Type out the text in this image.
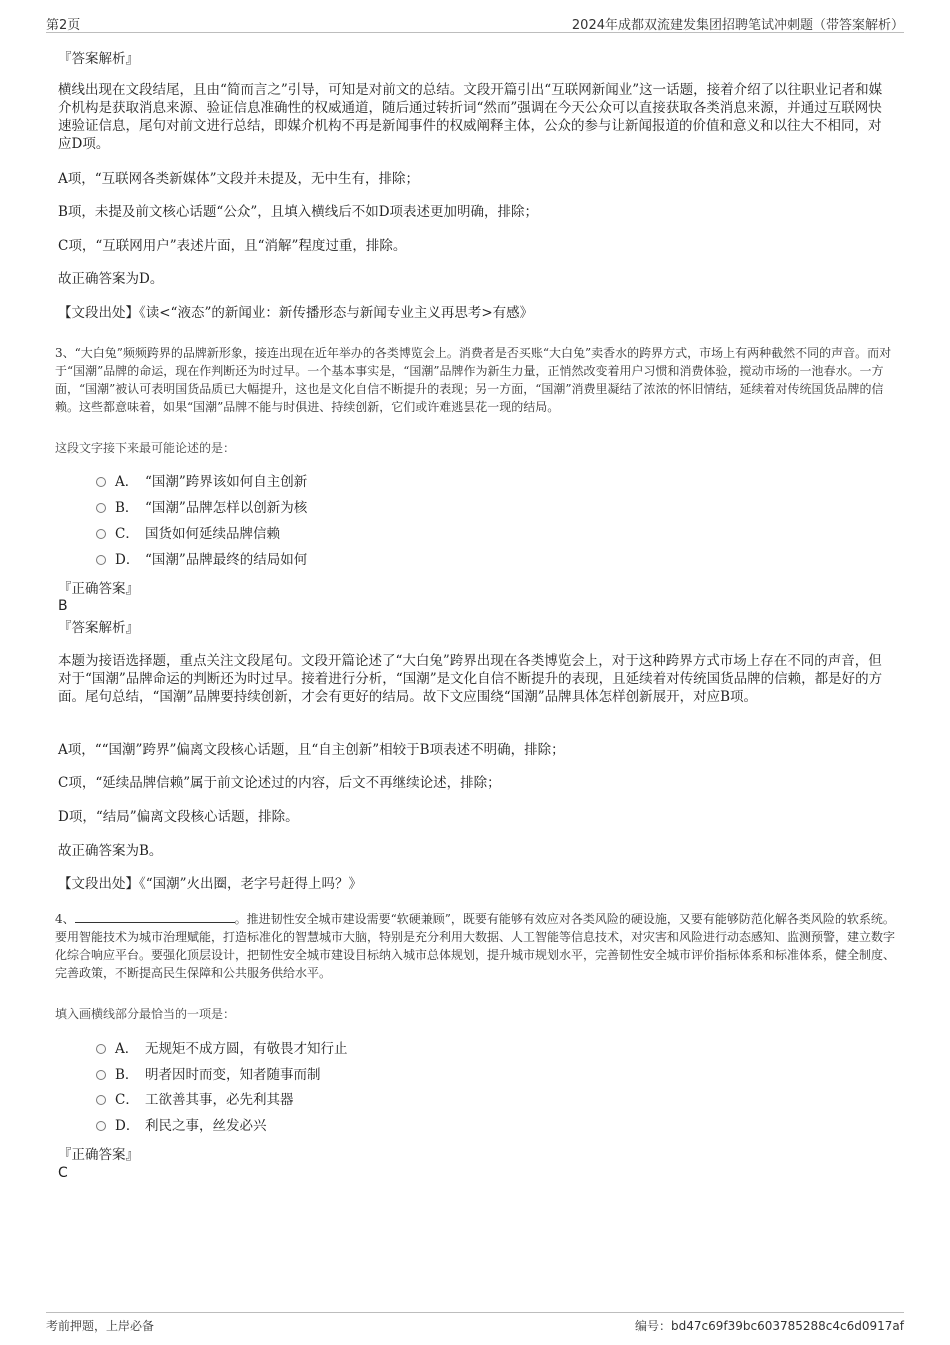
第2页	2024年成都双流建发集团招聘笔试冲刺题（带答案解析）
『答案解析』
横线出现在文段结尾，且由“简而言之”引导，可知是对前文的总结。文段开篇引出“互联网新闻业”这一话题，接着介绍了以往职业记者和媒介机构是获取消息来源、验证信息准确性的权威通道，随后通过转折词“然而”强调在今天公众可以直接获取各类消息来源，并通过互联网快速验证信息，尾句对前文进行总结，即媒介机构不再是新闻事件的权威阐释主体，公众的参与让新闻报道的价值和意义和以往大不相同，对应D项。
A项，“互联网各类新媒体”文段并未提及，无中生有，排除；
B项，未提及前文核心话题“公众”，且填入横线后不如D项表述更加明确，排除；
C项，“互联网用户”表述片面，且“消解”程度过重，排除。
故正确答案为D。
【文段出处】《读<“液态”的新闻业：新传播形态与新闻专业主义再思考>有感》
3、“大白兔”频频跨界的品牌新形象，接连出现在近年举办的各类博览会上。消费者是否买账“大白兔”卖香水的跨界方式，市场上有两种截然不同的声音。而对于“国潮”品牌的命运，现在作判断还为时过早。一个基本事实是，“国潮”品牌作为新生力量，正悄然改变着用户习惯和消费体验，搅动市场的一池春水。一方面，“国潮”被认可表明国货品质已大幅提升，这也是文化自信不断提升的表现；另一方面，“国潮”消费里凝结了浓浓的怀旧情结，延续着对传统国货品牌的信赖。这些都意味着，如果“国潮”品牌不能与时俱进、持续创新，它们或许难逃昙花一现的结局。
这段文字接下来最可能论述的是：
A． “国潮”跨界该如何自主创新
B． “国潮”品牌怎样以创新为核
C． 国货如何延续品牌信赖
D． “国潮”品牌最终的结局如何
『正确答案』
B
『答案解析』
本题为接语选择题，重点关注文段尾句。文段开篇论述了“大白兔”跨界出现在各类博览会上，对于这种跨界方式市场上存在不同的声音，但对于“国潮”品牌命运的判断还为时过早。接着进行分析，“国潮”是文化自信不断提升的表现，且延续着对传统国货品牌的信赖，都是好的方面。尾句总结，“国潮”品牌要持续创新，才会有更好的结局。故下文应围绕“国潮”品牌具体怎样创新展开，对应B项。
A项，““国潮”跨界”偏离文段核心话题，且“自主创新”相较于B项表述不明确，排除；
C项，“延续品牌信赖”属于前文论述过的内容，后文不再继续论述，排除；
D项，“结局”偏离文段核心话题，排除。
故正确答案为B。
【文段出处】《“国潮”火出圈，老字号赶得上吗？》
4、	。推进韧性安全城市建设需要“软硬兼顾”，既要有能够有效应对各类风险的硬设施，又要有能够防范化解各类风险的软系统。要用智能技术为城市治理赋能，打造标准化的智慧城市大脑，特别是充分利用大数据、人工智能等信息技术，对灾害和风险进行动态感知、监测预警，建立数字化综合响应平台。要强化顶层设计，把韧性安全城市建设目标纳入城市总体规划，提升城市规划水平，完善韧性安全城市评价指标体系和标准体系，健全制度、完善政策，不断提高民生保障和公共服务供给水平。
填入画横线部分最恰当的一项是：
A． 无规矩不成方圆，有敬畏才知行止
B． 明者因时而变，知者随事而制
C． 工欲善其事，必先利其器
D． 利民之事，丝发必兴
『正确答案』
C
考前押题，上岸必备	编号：bd47c69f39bc603785288c4c6d0917af
